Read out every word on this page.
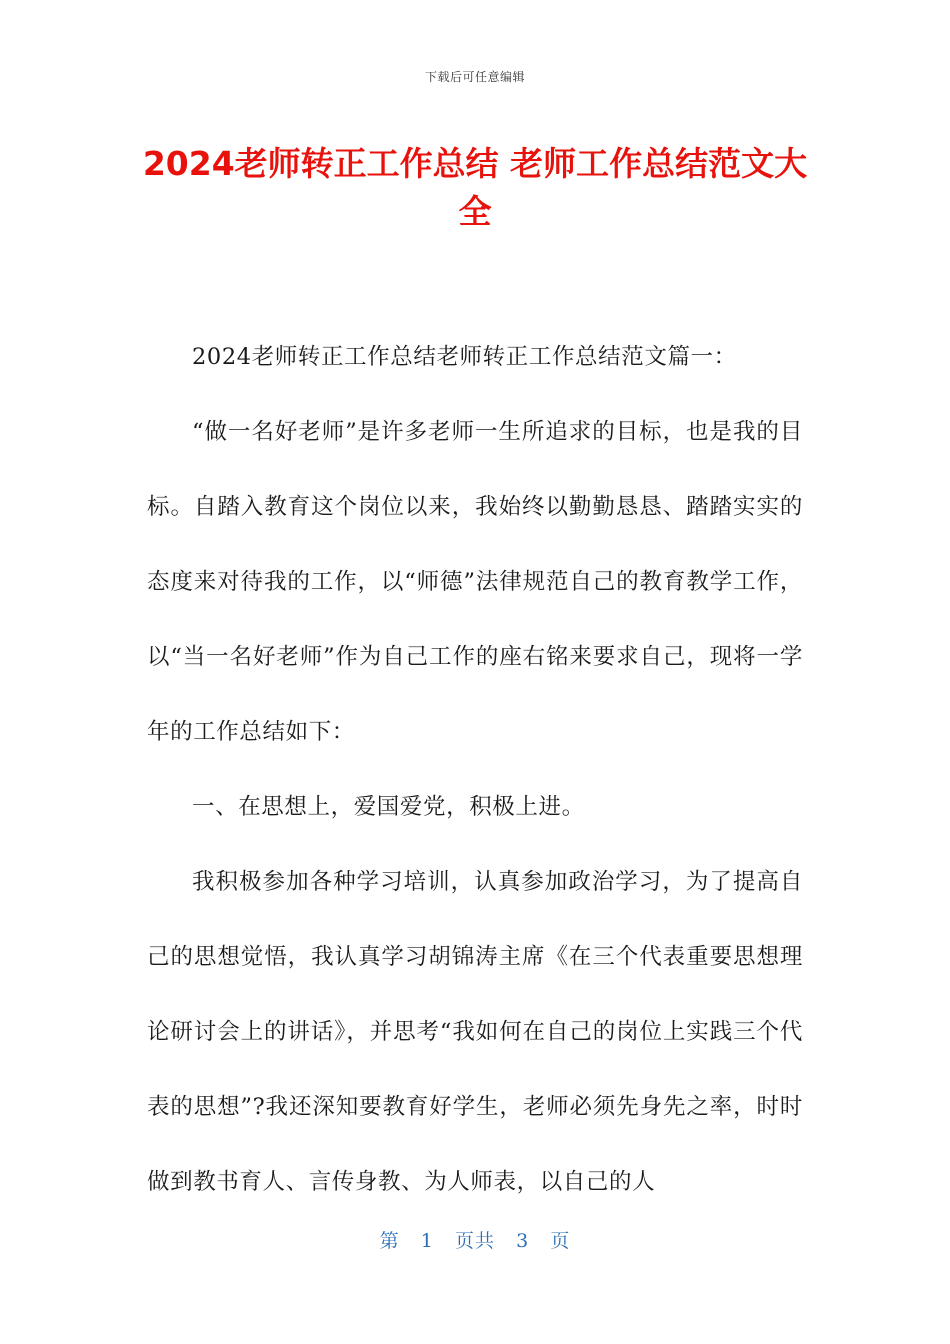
下载后可任意编辑
2024老师转正工作总结 老师工作总结范文大全

2024老师转正工作总结老师转正工作总结范文篇一：

“做一名好老师”是许多老师一生所追求的目标，也是我的目标。自踏入教育这个岗位以来，我始终以勤勤恳恳、踏踏实实的态度来对待我的工作，以“师德”法律规范自己的教育教学工作，以“当一名好老师”作为自己工作的座右铭来要求自己，现将一学年的工作总结如下：

一、在思想上，爱国爱党，积极上进。

我积极参加各种学习培训，认真参加政治学习，为了提高自己的思想觉悟，我认真学习胡锦涛主席《在三个代表重要思想理论研讨会上的讲话》，并思考“我如何在自己的岗位上实践三个代表的思想”?我还深知要教育好学生，老师必须先身先之率，时时做到教书育人、言传身教、为人师表，以自己的人

第 1 页共 3 页
